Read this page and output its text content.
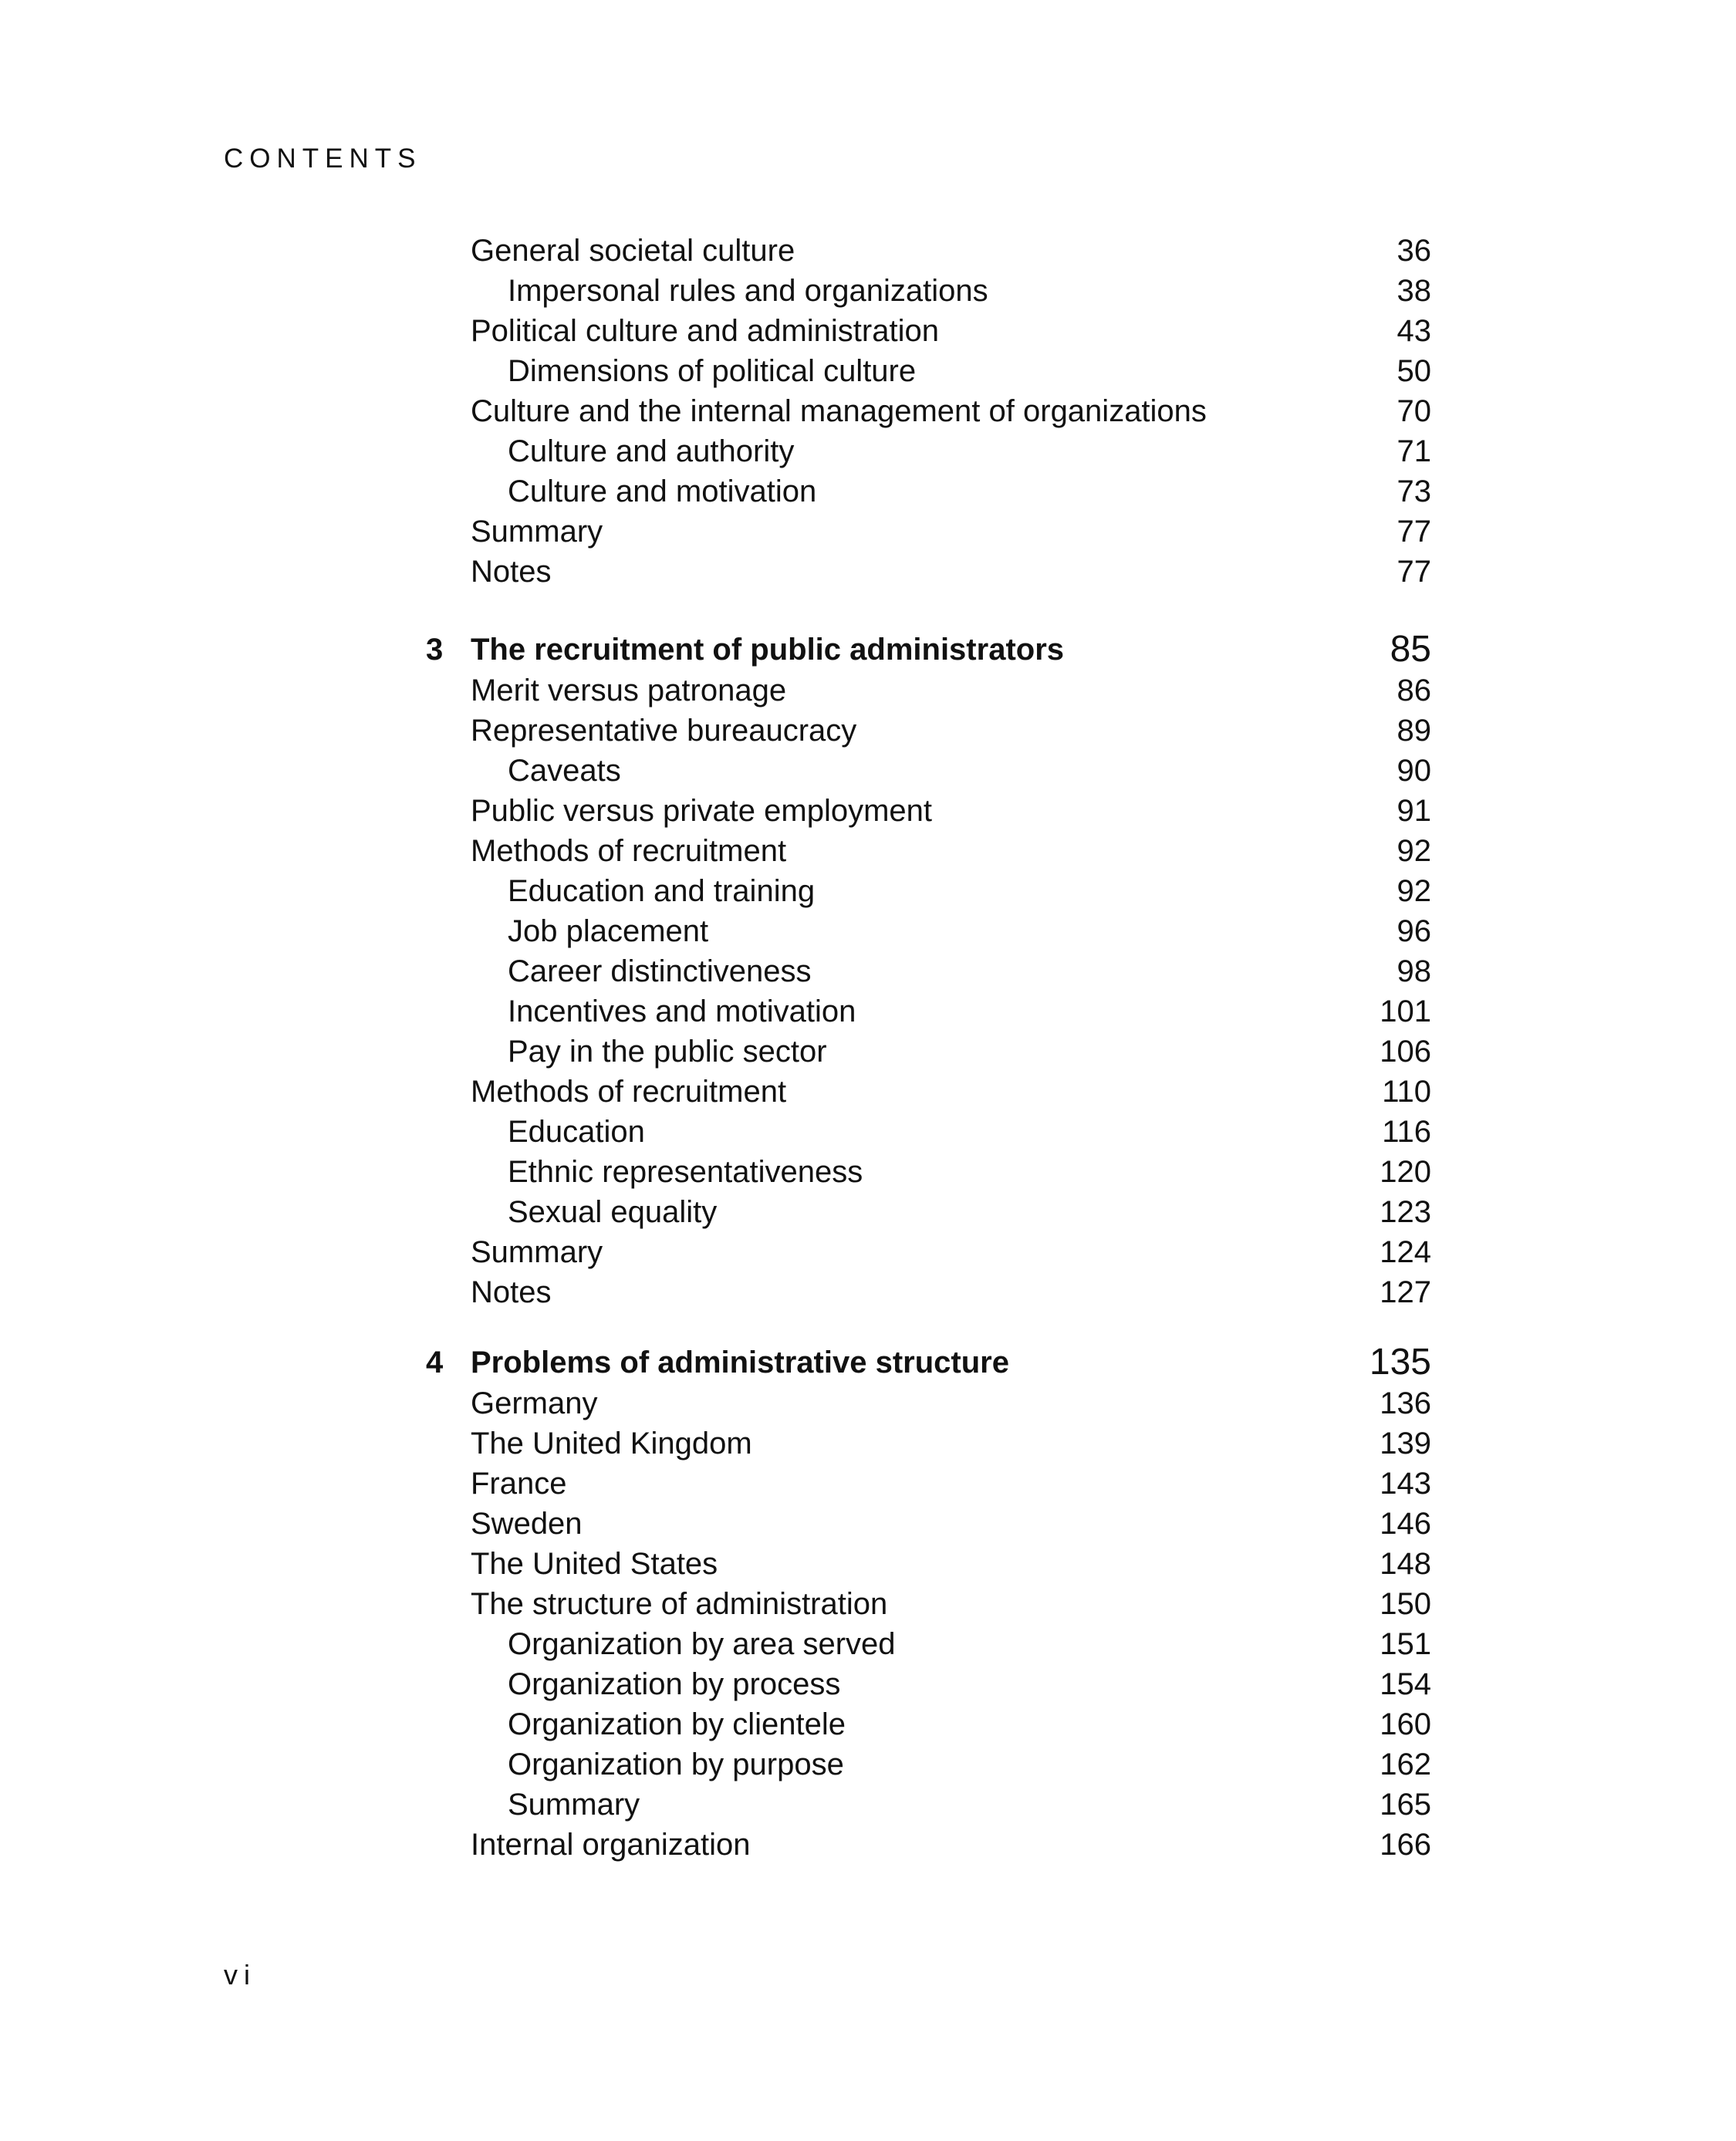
CONTENTS
General societal culture	36
Impersonal rules and organizations	38
Political culture and administration	43
Dimensions of political culture	50
Culture and the internal management of organizations	70
Culture and authority	71
Culture and motivation	73
Summary	77
Notes	77
3 The recruitment of public administrators	85
Merit versus patronage	86
Representative bureaucracy	89
Caveats	90
Public versus private employment	91
Methods of recruitment	92
Education and training	92
Job placement	96
Career distinctiveness	98
Incentives and motivation	101
Pay in the public sector	106
Methods of recruitment	110
Education	116
Ethnic representativeness	120
Sexual equality	123
Summary	124
Notes	127
4 Problems of administrative structure	135
Germany	136
The United Kingdom	139
France	143
Sweden	146
The United States	148
The structure of administration	150
Organization by area served	151
Organization by process	154
Organization by clientele	160
Organization by purpose	162
Summary	165
Internal organization	166
vi
